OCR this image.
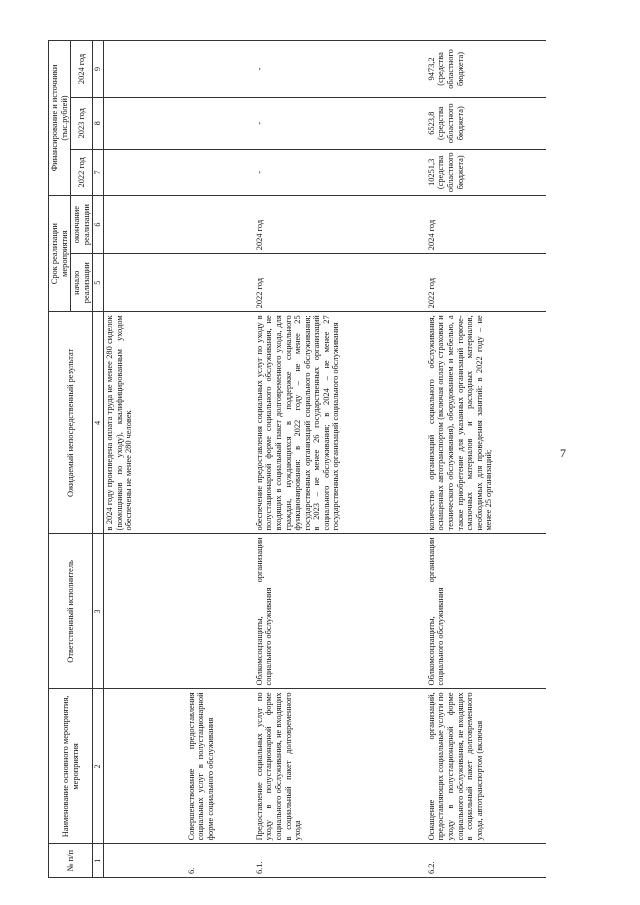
7
№ п/п	Наименование основного мероприятия, мероприятия	Ответственный исполнитель	Ожидаемый непосредственный результат	Срок реализации мероприятия		Финансирование и источники (тыс.рублей)		
				начало реализации	окончание реализации	2022 год	2023 год	2024 год
1	2	3	4	5	6	7	8	9
			в 2024 году произведена оплата труда не менее 280 сиделок (помощников по уходу), квалифицированным уходом обеспечены не менее 280 человек					
6.	Совершенствование предоставления социальных услуг в полустационарной форме социального обслуживания							
6.1.	Предоставление социальных услуг по уходу в полустационарной форме социального обслуживания, не входящих в социальный пакет долговременного ухода	Облкомсоцзащиты, организации социального обслуживания	обеспечение предоставления социальных услуг по уходу в полустационарной форме социального обслуживания, не входящих в социальный пакет долговременного ухода, для граждан, нуждающихся в поддержке социального функционирования: в 2022 году – не менее 25 государственных организаций социального обслуживания; в 2023 – не менее 26 государственных организаций социального обслуживания; в 2024 – не менее 27 государственных организаций социального обслуживания	2022 год	2024 год	-	-	-
6.2.	Оснащение организаций, предоставляющих социальные услуги по уходу в полустационарной форме социального обслуживания, не входящих в социальный пакет долговременного ухода, автотранспортом (включая	Облкомсоцзащиты, организации социального обслуживания	количество организаций социального обслуживания, оснащенных автотранспортом (включая оплату страховки и технического обслуживания), оборудованием и мебелью, а также приобретение для указанных организаций горюче-смазочных материалов и расходных материалов, необходимых для проведения занятий: в 2022 году – не менее 25 организаций;	2022 год	2024 год	10251,3 (средства областного бюджета)	6523,8 (средства областного бюджета)	9473,2 (средства областного бюджета)
